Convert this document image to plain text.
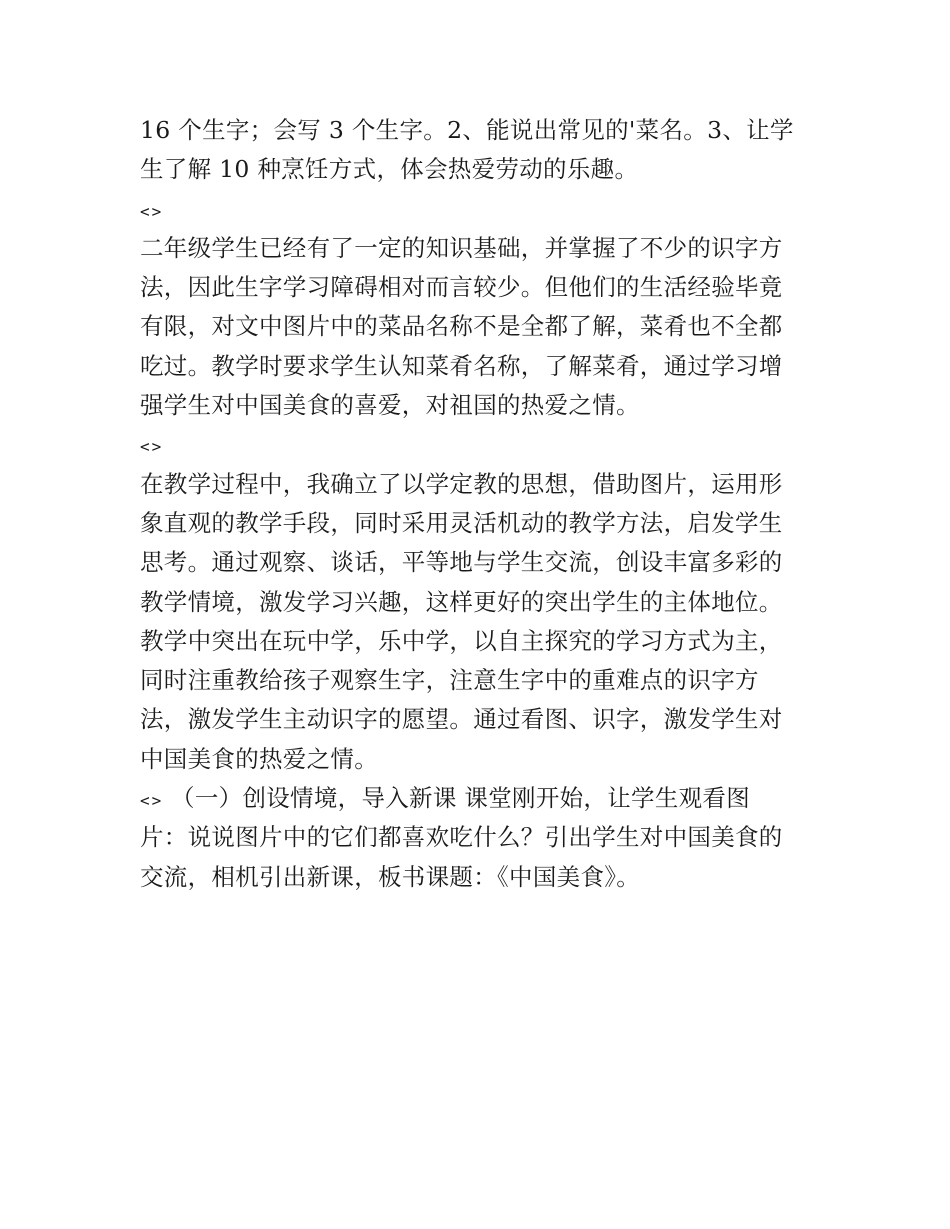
16 个生字；会写 3 个生字。2、能说出常见的'菜名。3、让学
生了解 10 种烹饪方式，体会热爱劳动的乐趣。
<>
二年级学生已经有了一定的知识基础，并掌握了不少的识字方
法，因此生字学习障碍相对而言较少。但他们的生活经验毕竟
有限，对文中图片中的菜品名称不是全都了解，菜肴也不全都
吃过。教学时要求学生认知菜肴名称，了解菜肴，通过学习增
强学生对中国美食的喜爱，对祖国的热爱之情。
<>
在教学过程中，我确立了以学定教的思想，借助图片，运用形
象直观的教学手段，同时采用灵活机动的教学方法，启发学生
思考。通过观察、谈话，平等地与学生交流，创设丰富多彩的
教学情境，激发学习兴趣，这样更好的突出学生的主体地位。
教学中突出在玩中学，乐中学，以自主探究的学习方式为主，
同时注重教给孩子观察生字，注意生字中的重难点的识字方
法，激发学生主动识字的愿望。通过看图、识字，激发学生对
中国美食的热爱之情。
<> （一）创设情境，导入新课 课堂刚开始，让学生观看图
片：说说图片中的它们都喜欢吃什么？引出学生对中国美食的
交流，相机引出新课，板书课题：《中国美食》。
